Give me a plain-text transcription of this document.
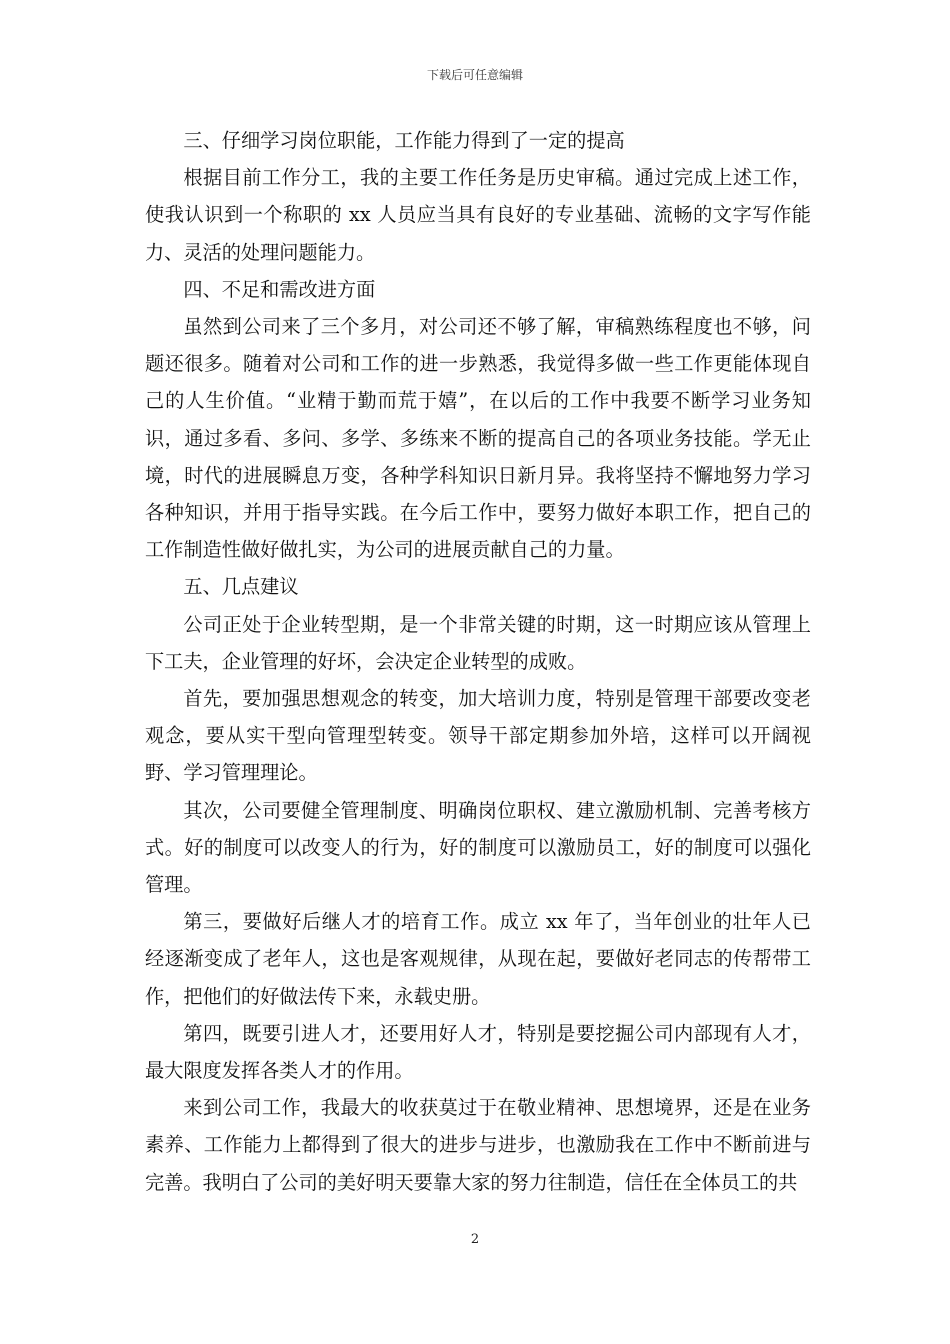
下载后可任意编辑

三、仔细学习岗位职能，工作能力得到了一定的提高

根据目前工作分工，我的主要工作任务是历史审稿。通过完成上述工作，使我认识到一个称职的 xx 人员应当具有良好的专业基础、流畅的文字写作能力、灵活的处理问题能力。

四、不足和需改进方面

虽然到公司来了三个多月，对公司还不够了解，审稿熟练程度也不够，问题还很多。随着对公司和工作的进一步熟悉，我觉得多做一些工作更能体现自己的人生价值。“业精于勤而荒于嬉”，在以后的工作中我要不断学习业务知识，通过多看、多问、多学、多练来不断的提高自己的各项业务技能。学无止境，时代的进展瞬息万变，各种学科知识日新月异。我将坚持不懈地努力学习各种知识，并用于指导实践。在今后工作中，要努力做好本职工作，把自己的工作制造性做好做扎实，为公司的进展贡献自己的力量。

五、几点建议

公司正处于企业转型期，是一个非常关键的时期，这一时期应该从管理上下工夫，企业管理的好坏，会决定企业转型的成败。

首先，要加强思想观念的转变，加大培训力度，特别是管理干部要改变老观念，要从实干型向管理型转变。领导干部定期参加外培，这样可以开阔视野、学习管理理论。

其次，公司要健全管理制度、明确岗位职权、建立激励机制、完善考核方式。好的制度可以改变人的行为，好的制度可以激励员工，好的制度可以强化管理。

第三，要做好后继人才的培育工作。成立 xx 年了，当年创业的壮年人已经逐渐变成了老年人，这也是客观规律，从现在起，要做好老同志的传帮带工作，把他们的好做法传下来，永载史册。

第四，既要引进人才，还要用好人才，特别是要挖掘公司内部现有人才，最大限度发挥各类人才的作用。

来到公司工作，我最大的收获莫过于在敬业精神、思想境界，还是在业务素养、工作能力上都得到了很大的进步与进步，也激励我在工作中不断前进与完善。我明白了公司的美好明天要靠大家的努力往制造，信任在全体员工的共

2
